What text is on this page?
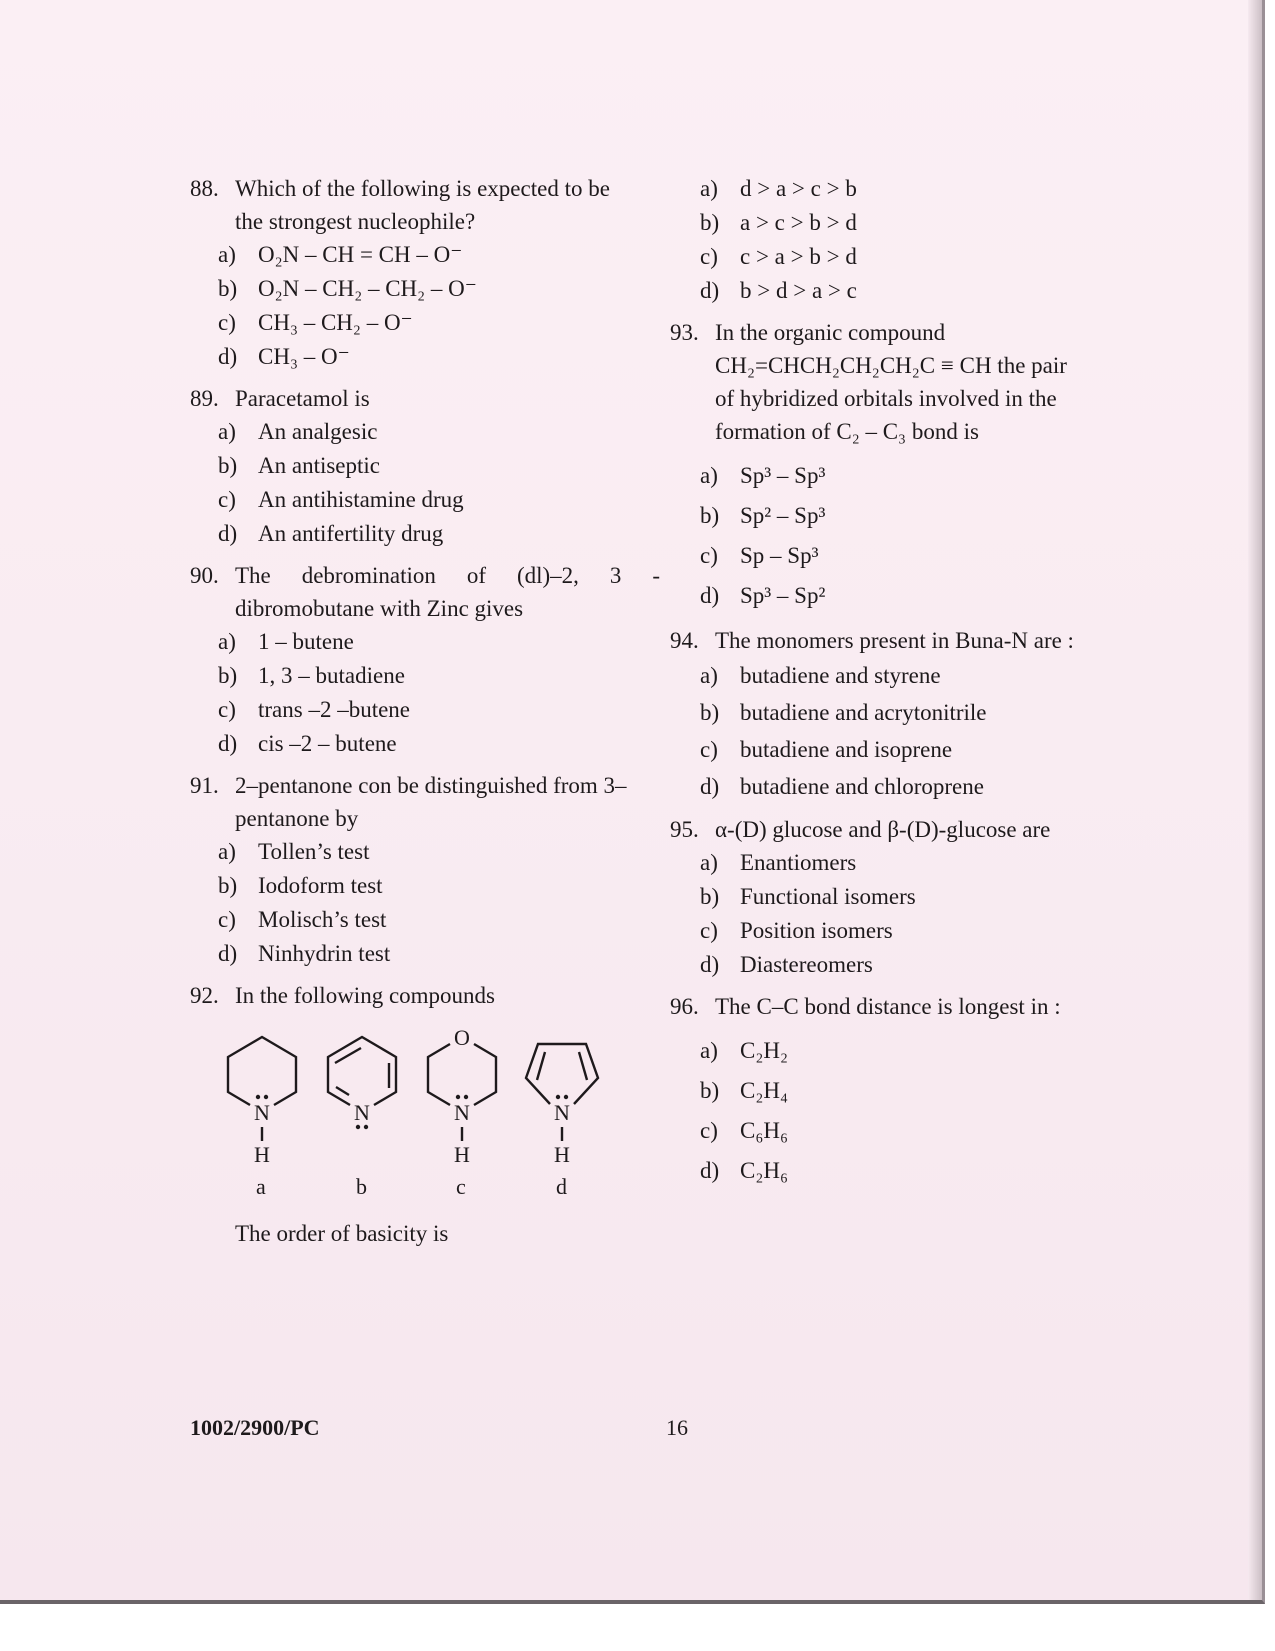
88. Which of the following is expected to be
the strongest nucleophile?
a) O₂N – CH = CH – O⁻
b) O₂N – CH₂ – CH₂ – O⁻
c) CH₃ – CH₂ – O⁻
d) CH₃ – O⁻
89. Paracetamol is
a) An analgesic
b) An antiseptic
c) An antihistamine drug
d) An antifertility drug
90. The debromination of (dl)–2, 3 -
dibromobutane with Zinc gives
a) 1 – butene
b) 1, 3 – butadiene
c) trans –2 –butene
d) cis –2 – butene
91. 2–pentanone con be distinguished from 3–
pentanone by
a) Tollen’s test
b) Iodoform test
c) Molisch’s test
d) Ninhydrin test
92. In the following compounds
N
H
a
N
b
O
N
H
c
N
H
d
The order of basicity is
a) d > a > c > b
b) a > c > b > d
c) c > a > b > d
d) b > d > a > c
93. In the organic compound
CH₂=CHCH₂CH₂CH₂C ≡ CH the pair
of hybridized orbitals involved in the
formation of C₂ – C₃ bond is
a) Sp³ – Sp³
b) Sp² – Sp³
c) Sp – Sp³
d) Sp³ – Sp²
94. The monomers present in Buna-N are :
a) butadiene and styrene
b) butadiene and acrytonitrile
c) butadiene and isoprene
d) butadiene and chloroprene
95. α-(D) glucose and β-(D)-glucose are
a) Enantiomers
b) Functional isomers
c) Position isomers
d) Diastereomers
96. The C–C bond distance is longest in :
a) C₂H₂
b) C₂H₄
c) C₆H₆
d) C₂H₆
1002/2900/PC	16
